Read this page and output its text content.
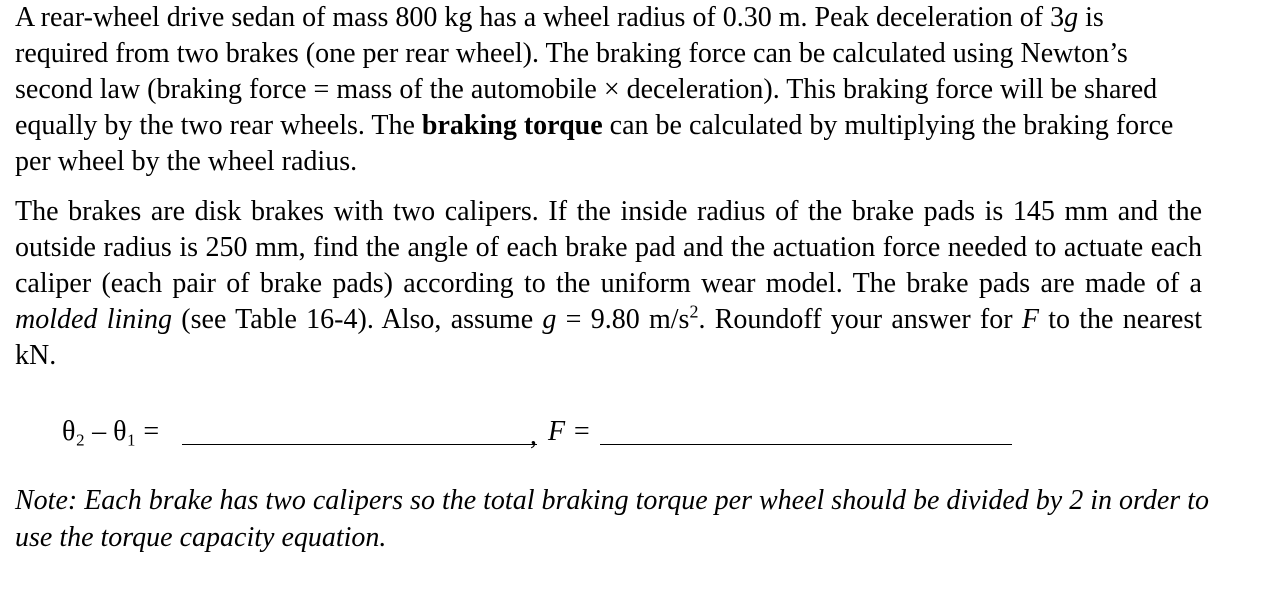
A rear-wheel drive sedan of mass 800 kg has a wheel radius of 0.30 m. Peak deceleration of 3g is required from two brakes (one per rear wheel). The braking force can be calculated using Newton’s second law (braking force = mass of the automobile × deceleration). This braking force will be shared equally by the two rear wheels. The braking torque can be calculated by multiplying the braking force per wheel by the wheel radius.

The brakes are disk brakes with two calipers. If the inside radius of the brake pads is 145 mm and the outside radius is 250 mm, find the angle of each brake pad and the actuation force needed to actuate each caliper (each pair of brake pads) according to the uniform wear model. The brake pads are made of a molded lining (see Table 16-4). Also, assume g = 9.80 $m/s^2$. Roundoff your answer for F to the nearest kN.

θ₂ – θ₁ =	, F =

Note: Each brake has two calipers so the total braking torque per wheel should be divided by 2 in order to use the torque capacity equation.
